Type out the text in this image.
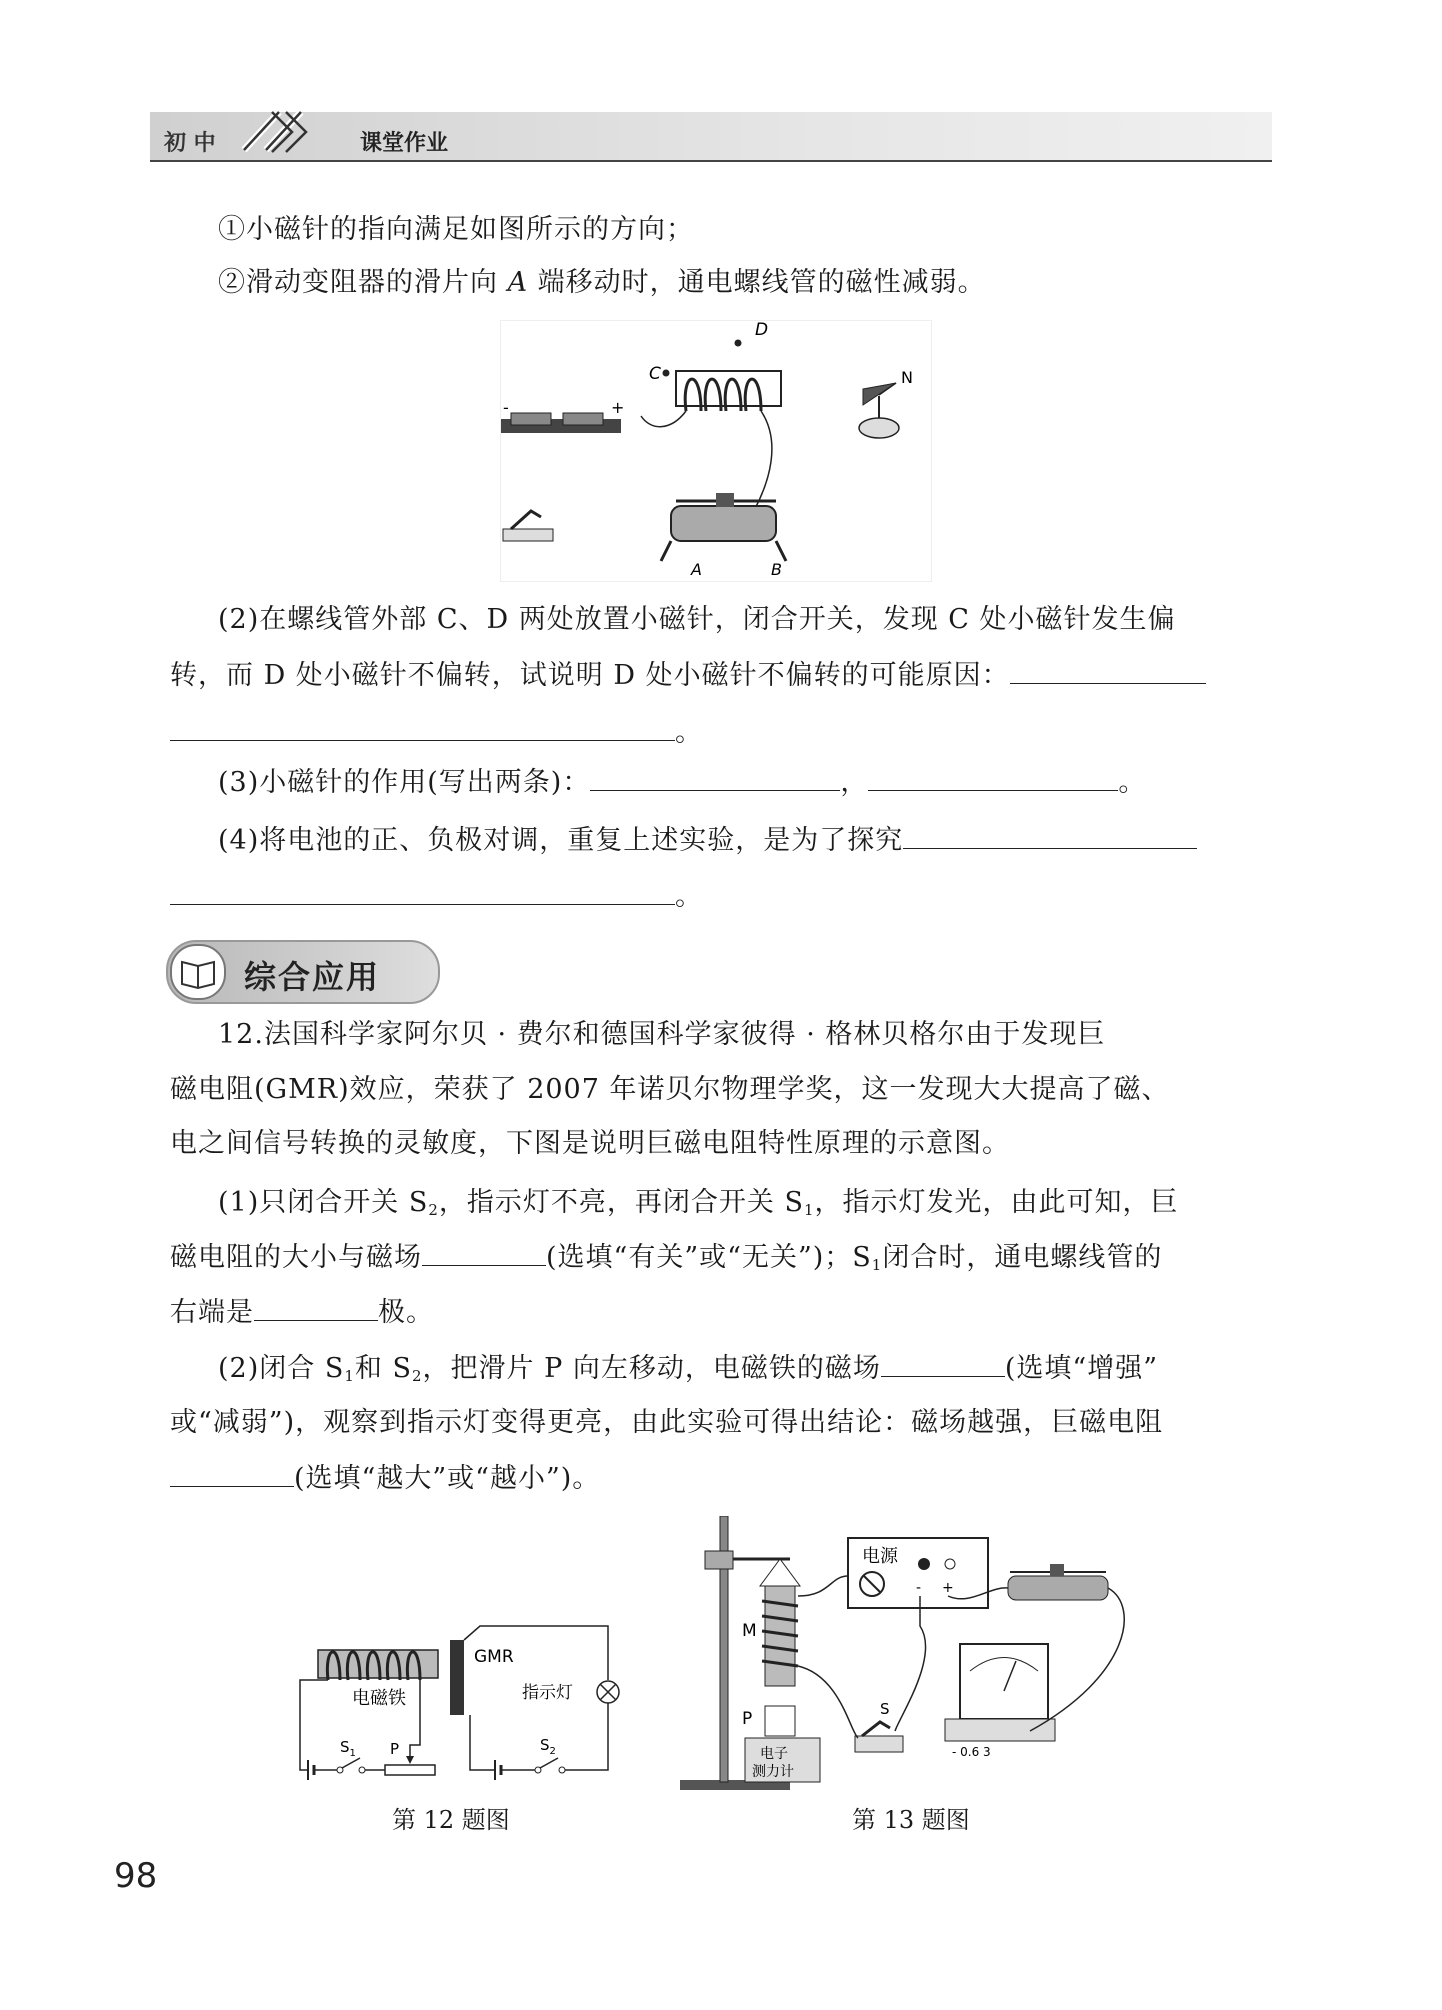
初 中	课堂作业
①小磁针的指向满足如图所示的方向；
②滑动变阻器的滑片向 A 端移动时，通电螺线管的磁性减弱。
C
D
-	+
N
A	B
(2)在螺线管外部 C、D 两处放置小磁针，闭合开关，发现 C 处小磁针发生偏
转，而 D 处小磁针不偏转，试说明 D 处小磁针不偏转的可能原因：
。
(3)小磁针的作用(写出两条)：	，	。
(4)将电池的正、负极对调，重复上述实验，是为了探究
。
综合应用
12.法国科学家阿尔贝 · 费尔和德国科学家彼得 · 格林贝格尔由于发现巨
磁电阻(GMR)效应，荣获了 2007 年诺贝尔物理学奖，这一发现大大提高了磁、
电之间信号转换的灵敏度，下图是说明巨磁电阻特性原理的示意图。
(1)只闭合开关 $S_2$，指示灯不亮，再闭合开关 $S_1$，指示灯发光，由此可知，巨
磁电阻的大小与磁场	(选填“有关”或“无关”)；$S_1$闭合时，通电螺线管的
右端是	极。
(2)闭合 $S_1$和 $S_2$，把滑片 P 向左移动，电磁铁的磁场	(选填“增强”
或“减弱”)，观察到指示灯变得更亮，由此实验可得出结论：磁场越强，巨磁电阻
(选填“越大”或“越小”)。
电磁铁
$S_1$ P
GMR
指示灯
$S_2$
M
P
电子
测力计
电源
- +
- 0.6 3
S
第 12 题图	第 13 题图
98
